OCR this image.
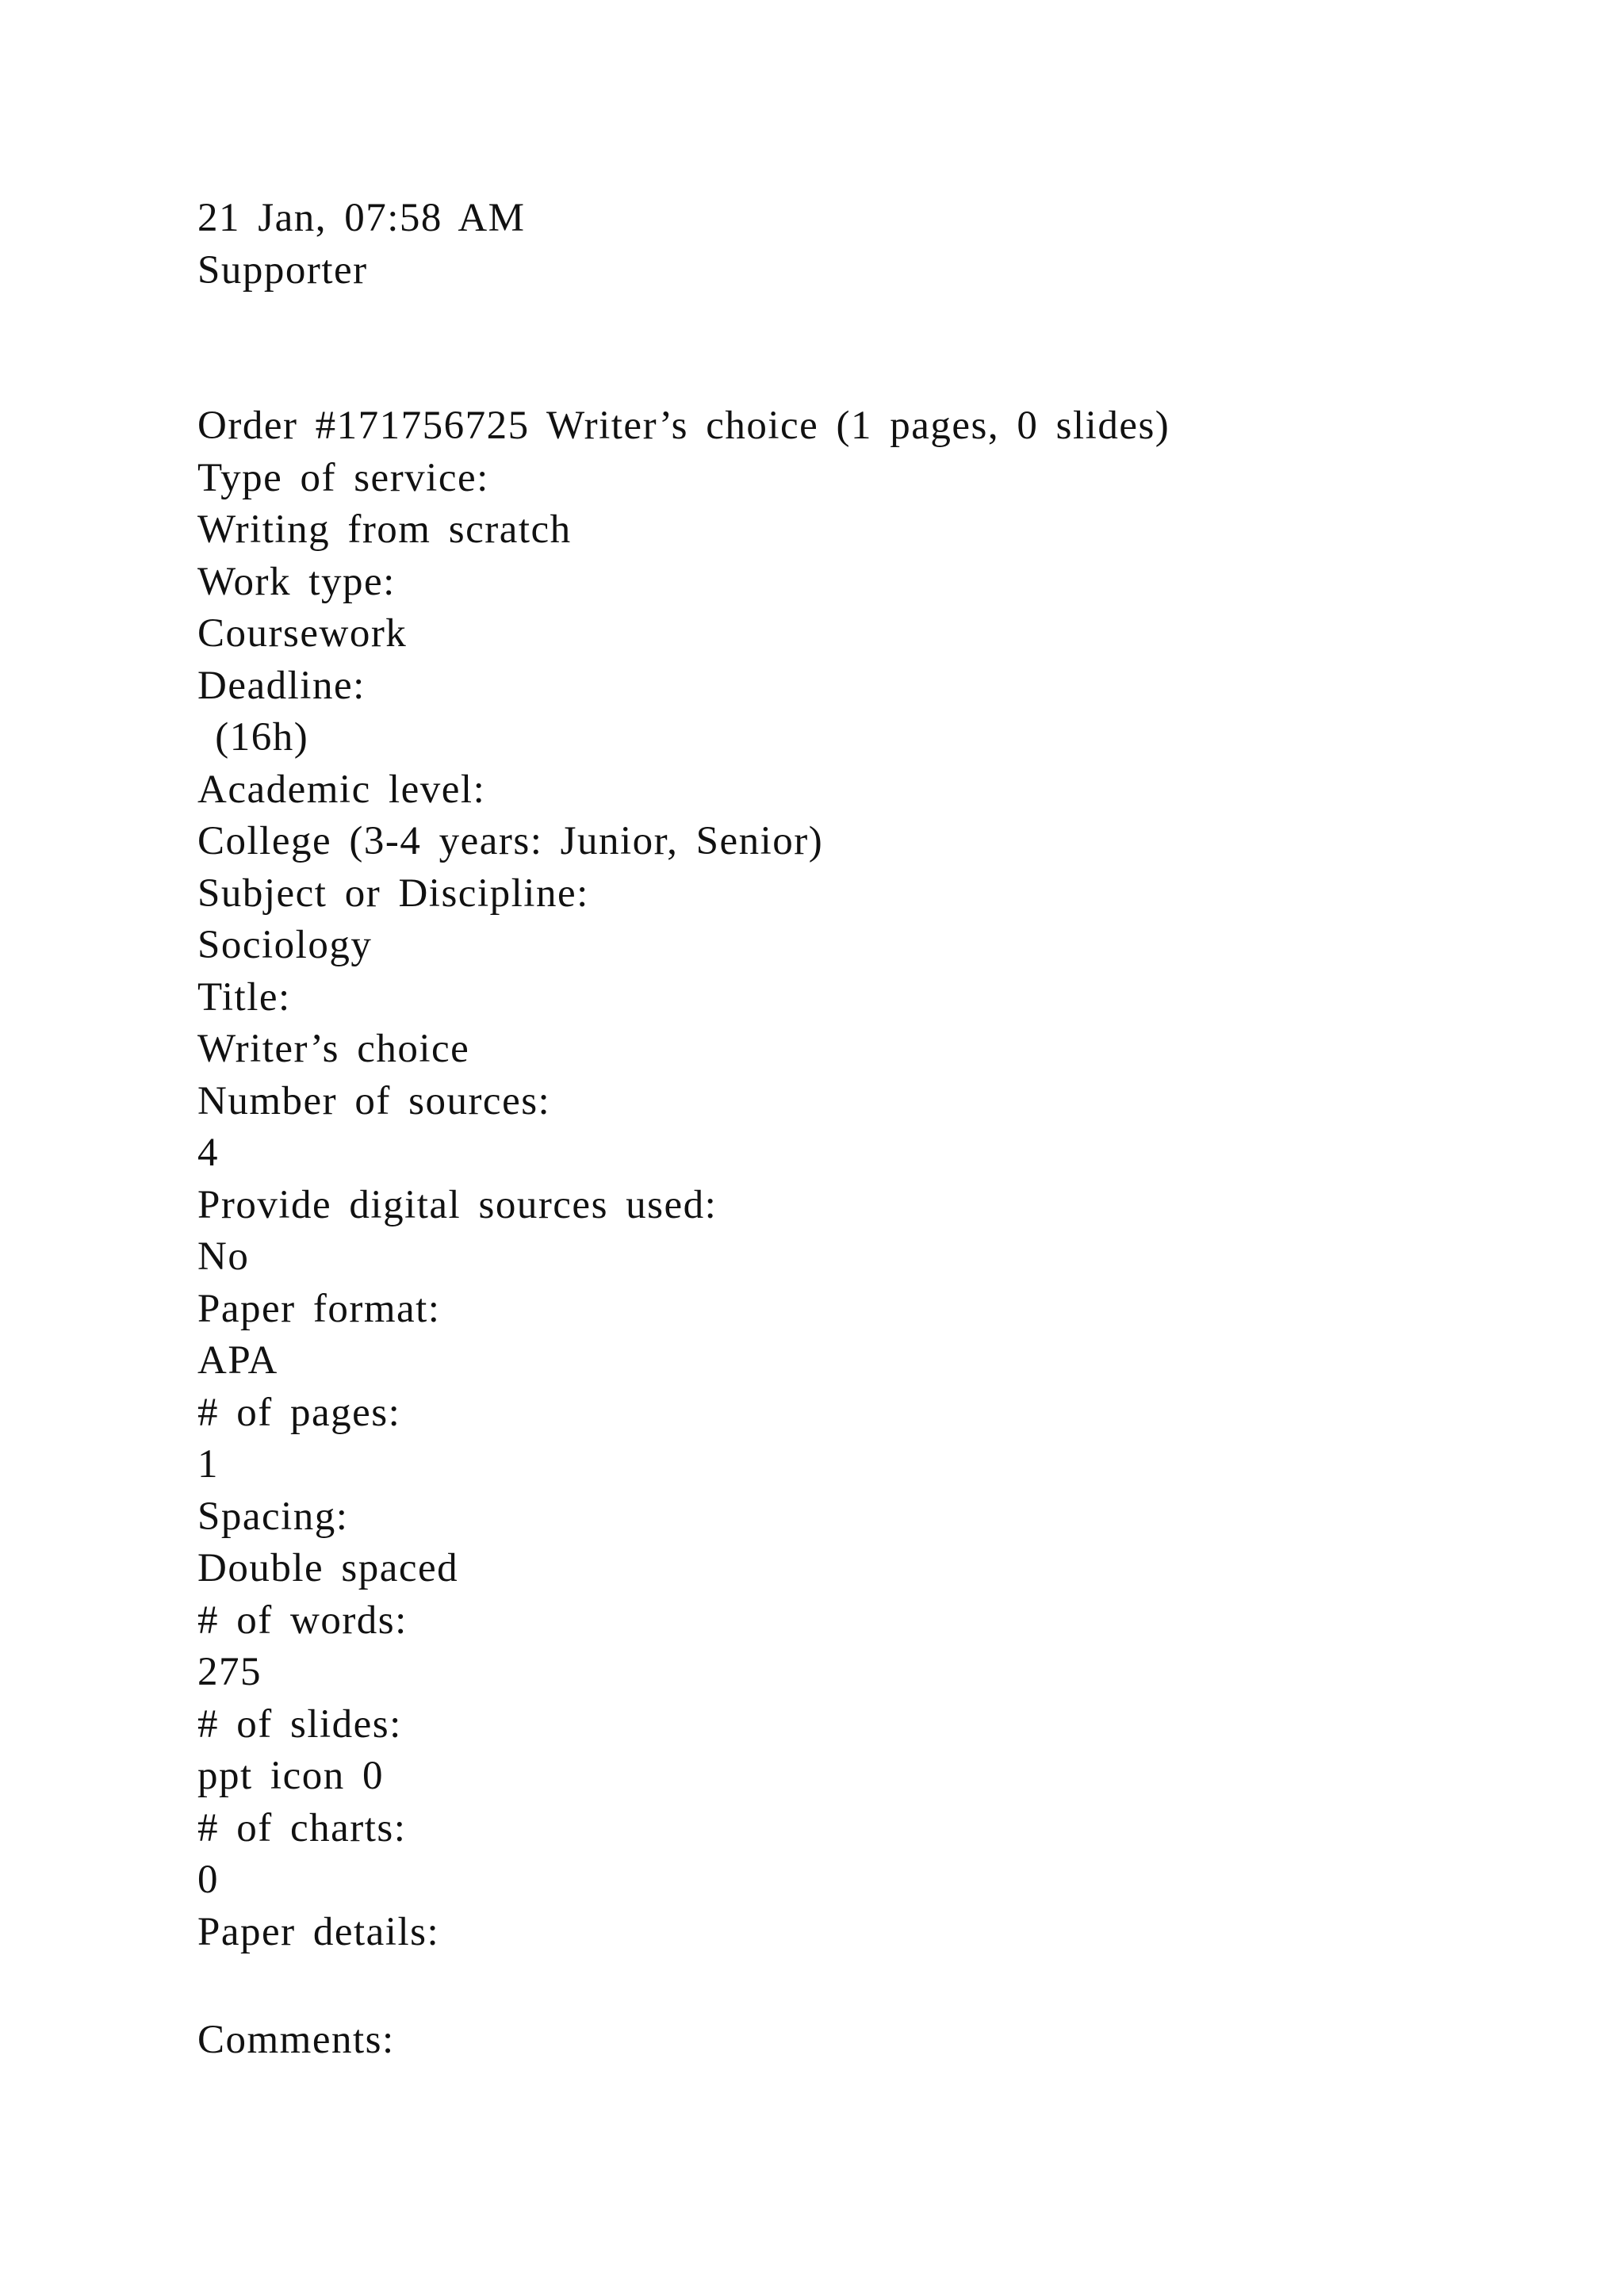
21 Jan, 07:58 AM
Supporter
Order #171756725 Writer’s choice (1 pages, 0 slides)
Type of service:
Writing from scratch
Work type:
Coursework
Deadline:
(16h)
Academic level:
College (3-4 years: Junior, Senior)
Subject or Discipline:
Sociology
Title:
Writer’s choice
Number of sources:
4
Provide digital sources used:
No
Paper format:
APA
# of pages:
1
Spacing:
Double spaced
# of words:
275
# of slides:
ppt icon 0
# of charts:
0
Paper details:
Comments:
